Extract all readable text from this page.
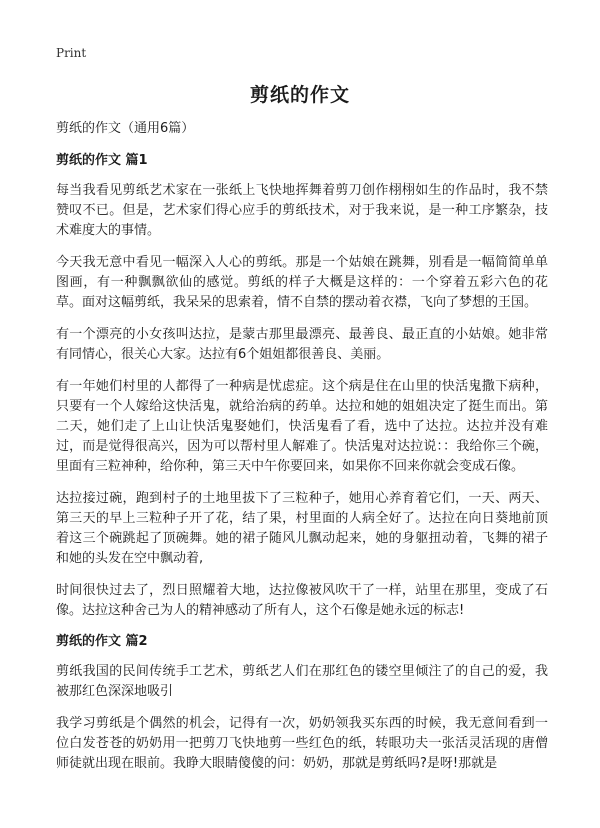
Print
剪纸的作文

剪纸的作文（通用6篇）

剪纸的作文 篇1

每当我看见剪纸艺术家在一张纸上飞快地挥舞着剪刀创作栩栩如生的作品时，我不禁赞叹不已。但是，艺术家们得心应手的剪纸技术，对于我来说，是一种工序繁杂，技术难度大的事情。

今天我无意中看见一幅深入人心的剪纸。那是一个姑娘在跳舞，别看是一幅简简单单图画，有一种飘飘欲仙的感觉。剪纸的样子大概是这样的：一个穿着五彩六色的花草。面对这幅剪纸，我呆呆的思索着，情不自禁的摆动着衣襟，飞向了梦想的王国。

有一个漂亮的小女孩叫达拉，是蒙古那里最漂亮、最善良、最正直的小姑娘。她非常有同情心，很关心大家。达拉有6个姐姐都很善良、美丽。

有一年她们村里的人都得了一种病是忧虑症。这个病是住在山里的快活鬼撒下病种，只要有一个人嫁给这快活鬼，就给治病的药单。达拉和她的姐姐决定了挺生而出。第二天，她们走了上山让快活鬼娶她们，快活鬼看了看，选中了达拉。达拉并没有难过，而是觉得很高兴，因为可以帮村里人解难了。快活鬼对达拉说：：我给你三个碗，里面有三粒神种，给你种，第三天中午你要回来，如果你不回来你就会变成石像。

达拉接过碗，跑到村子的土地里拔下了三粒种子，她用心养育着它们，一天、两天、第三天的早上三粒种子开了花，结了果，村里面的人病全好了。达拉在向日葵地前顶着这三个碗跳起了顶碗舞。她的裙子随风儿飘动起来，她的身躯扭动着，飞舞的裙子和她的头发在空中飘动着,

时间很快过去了，烈日照耀着大地，达拉像被风吹干了一样，站里在那里，变成了石像。达拉这种舍己为人的精神感动了所有人，这个石像是她永远的标志!

剪纸的作文 篇2

剪纸我国的民间传统手工艺术，剪纸艺人们在那红色的镂空里倾注了的自己的爱，我被那红色深深地吸引

我学习剪纸是个偶然的机会，记得有一次，奶奶领我买东西的时候，我无意间看到一位白发苍苍的奶奶用一把剪刀飞快地剪一些红色的纸，转眼功夫一张活灵活现的唐僧师徒就出现在眼前。我睁大眼睛傻傻的问：奶奶，那就是剪纸吗?是呀!那就是
